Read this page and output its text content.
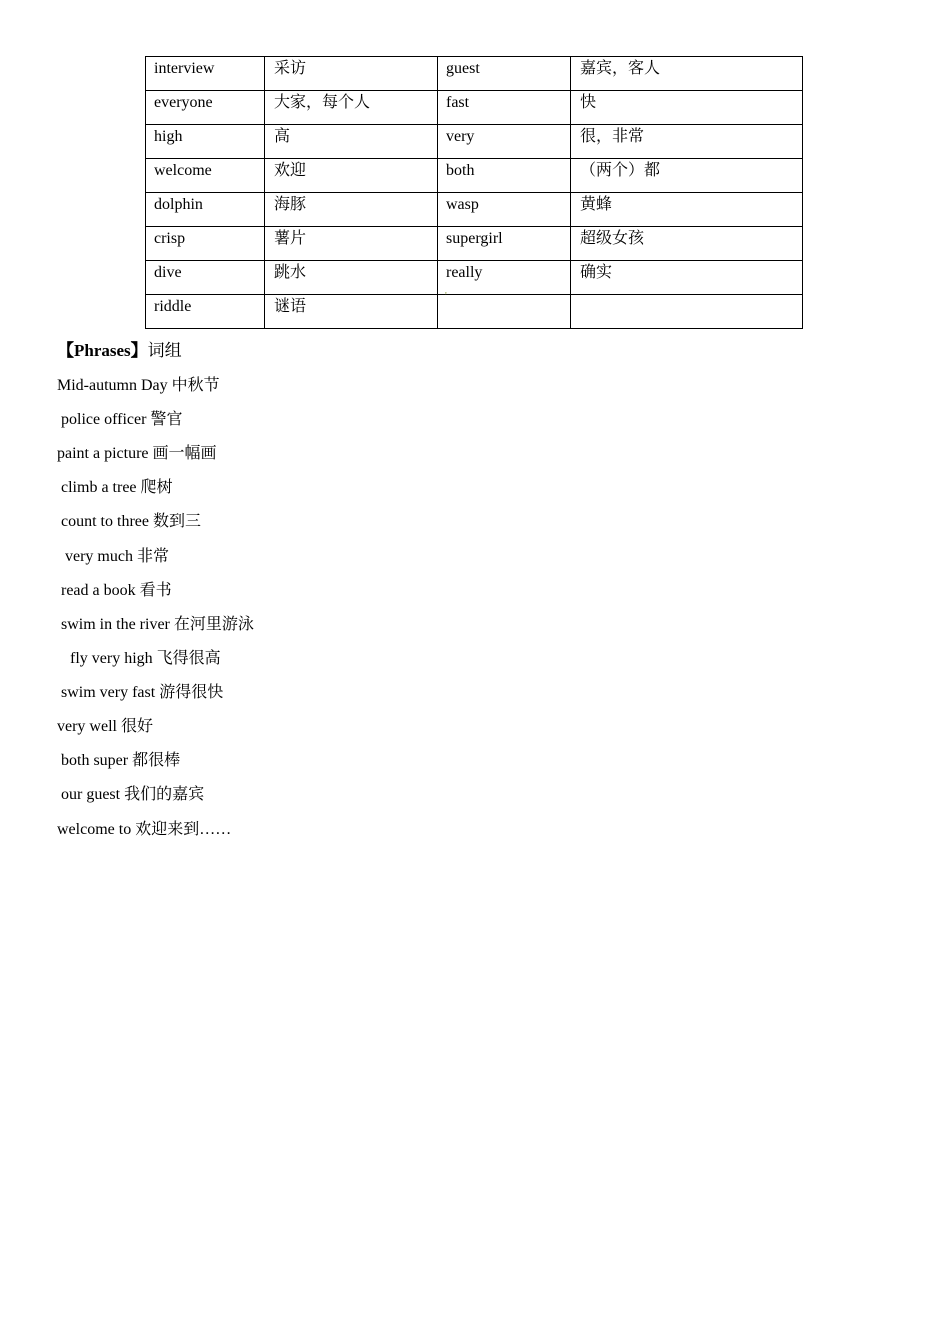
interview	采访	guest	嘉宾，客人
everyone	大家，每个人	fast	快
high	高	very	很，非常
welcome	欢迎	both	（两个）都
dolphin	海豚	wasp	黄蜂
crisp	薯片	supergirl	超级女孩
dive	跳水	really	确实
riddle	谜语	'	

【Phrases】词组
Mid-autumn Day 中秋节
police officer 警官
paint a picture 画一幅画
climb a tree 爬树
count to three 数到三
very much 非常
read a book 看书
swim in the river 在河里游泳
fly very high 飞得很高
swim very fast 游得很快
very well 很好
both super 都很棒
our guest 我们的嘉宾
welcome to 欢迎来到……
